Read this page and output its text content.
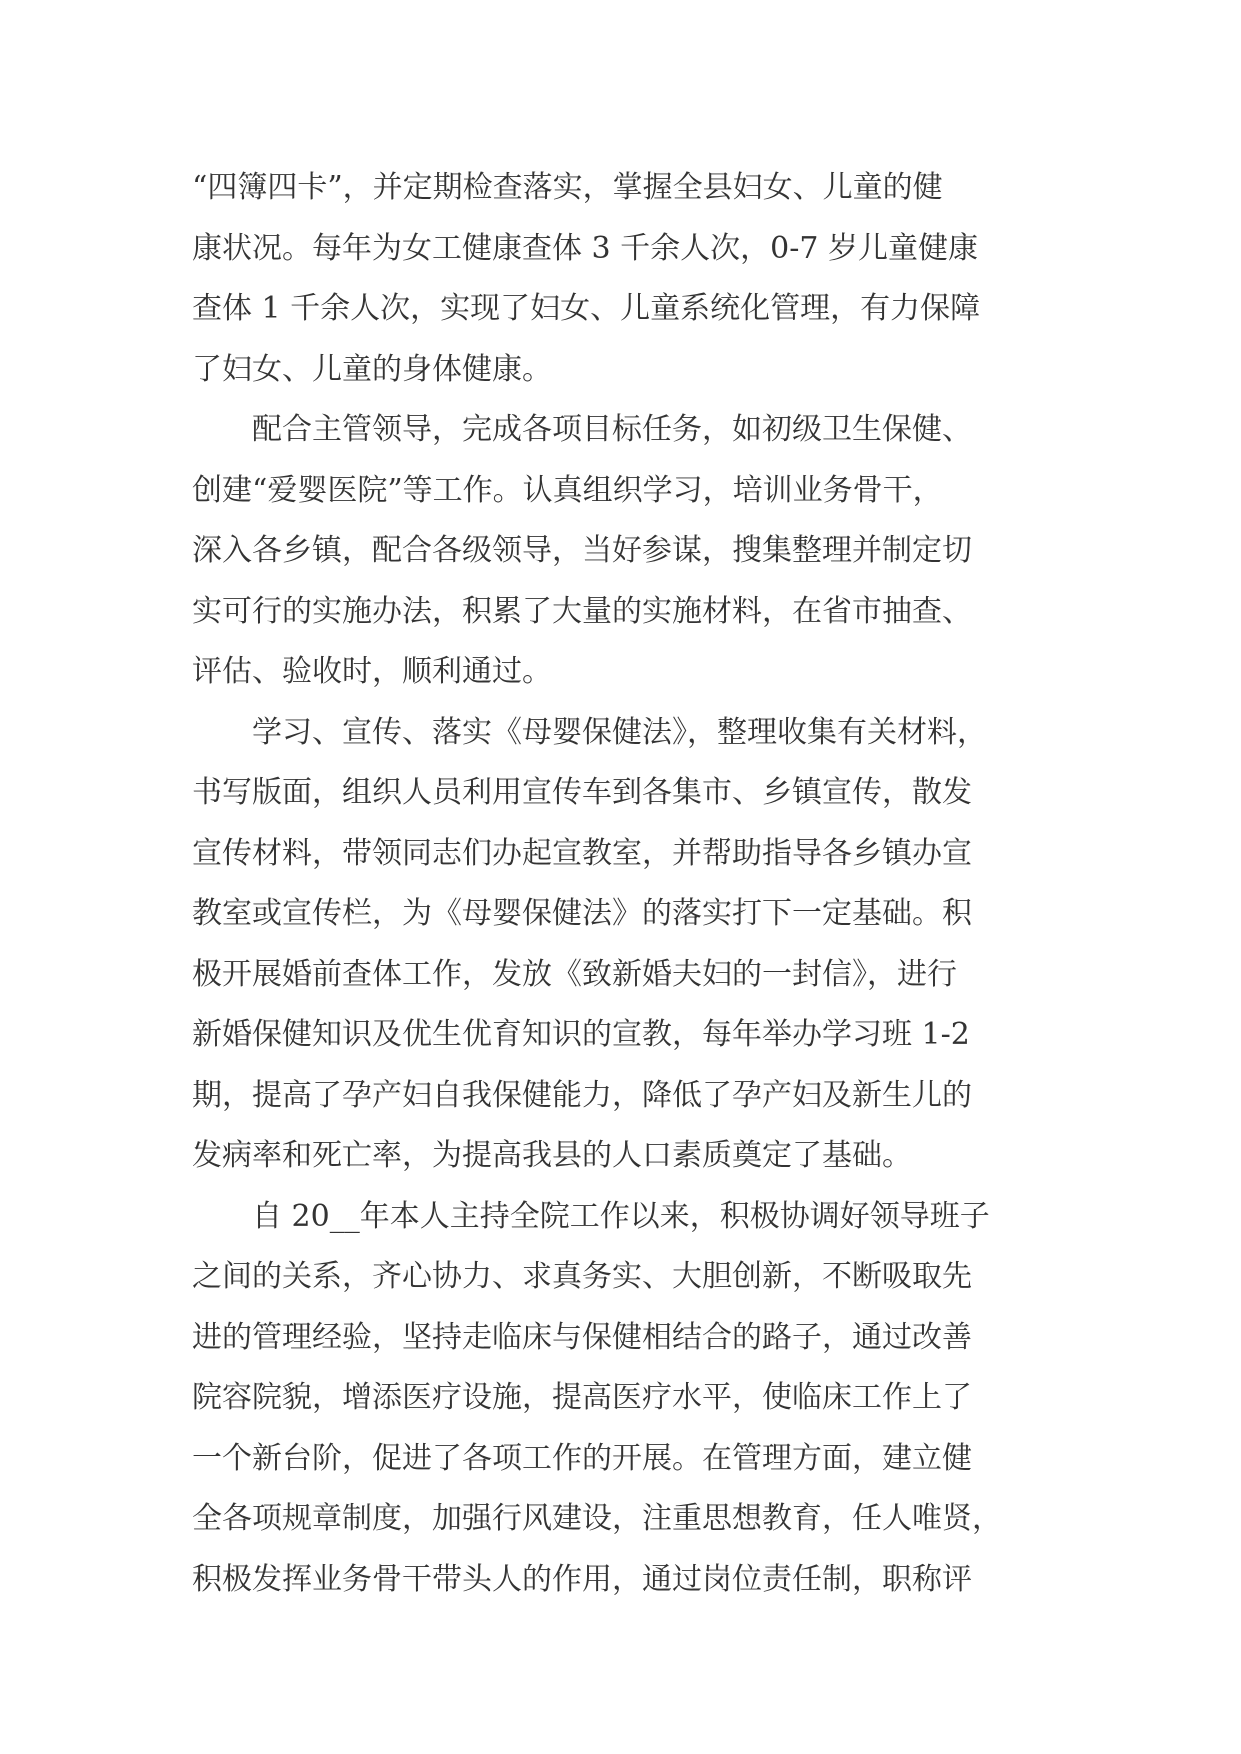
“四簿四卡”，并定期检查落实，掌握全县妇女、儿童的健
康状况。每年为女工健康查体 3 千余人次，0-7 岁儿童健康
查体 1 千余人次，实现了妇女、儿童系统化管理，有力保障
了妇女、儿童的身体健康。
配合主管领导，完成各项目标任务，如初级卫生保健、
创建“爱婴医院”等工作。认真组织学习，培训业务骨干，
深入各乡镇，配合各级领导，当好参谋，搜集整理并制定切
实可行的实施办法，积累了大量的实施材料，在省市抽查、
评估、验收时，顺利通过。
学习、宣传、落实《母婴保健法》，整理收集有关材料，
书写版面，组织人员利用宣传车到各集市、乡镇宣传，散发
宣传材料，带领同志们办起宣教室，并帮助指导各乡镇办宣
教室或宣传栏，为《母婴保健法》的落实打下一定基础。积
极开展婚前查体工作，发放《致新婚夫妇的一封信》，进行
新婚保健知识及优生优育知识的宣教，每年举办学习班 1-2
期，提高了孕产妇自我保健能力，降低了孕产妇及新生儿的
发病率和死亡率，为提高我县的人口素质奠定了基础。
自 20__年本人主持全院工作以来，积极协调好领导班子
之间的关系，齐心协力、求真务实、大胆创新，不断吸取先
进的管理经验，坚持走临床与保健相结合的路子，通过改善
院容院貌，增添医疗设施，提高医疗水平，使临床工作上了
一个新台阶，促进了各项工作的开展。在管理方面，建立健
全各项规章制度，加强行风建设，注重思想教育，任人唯贤，
积极发挥业务骨干带头人的作用，通过岗位责任制，职称评
